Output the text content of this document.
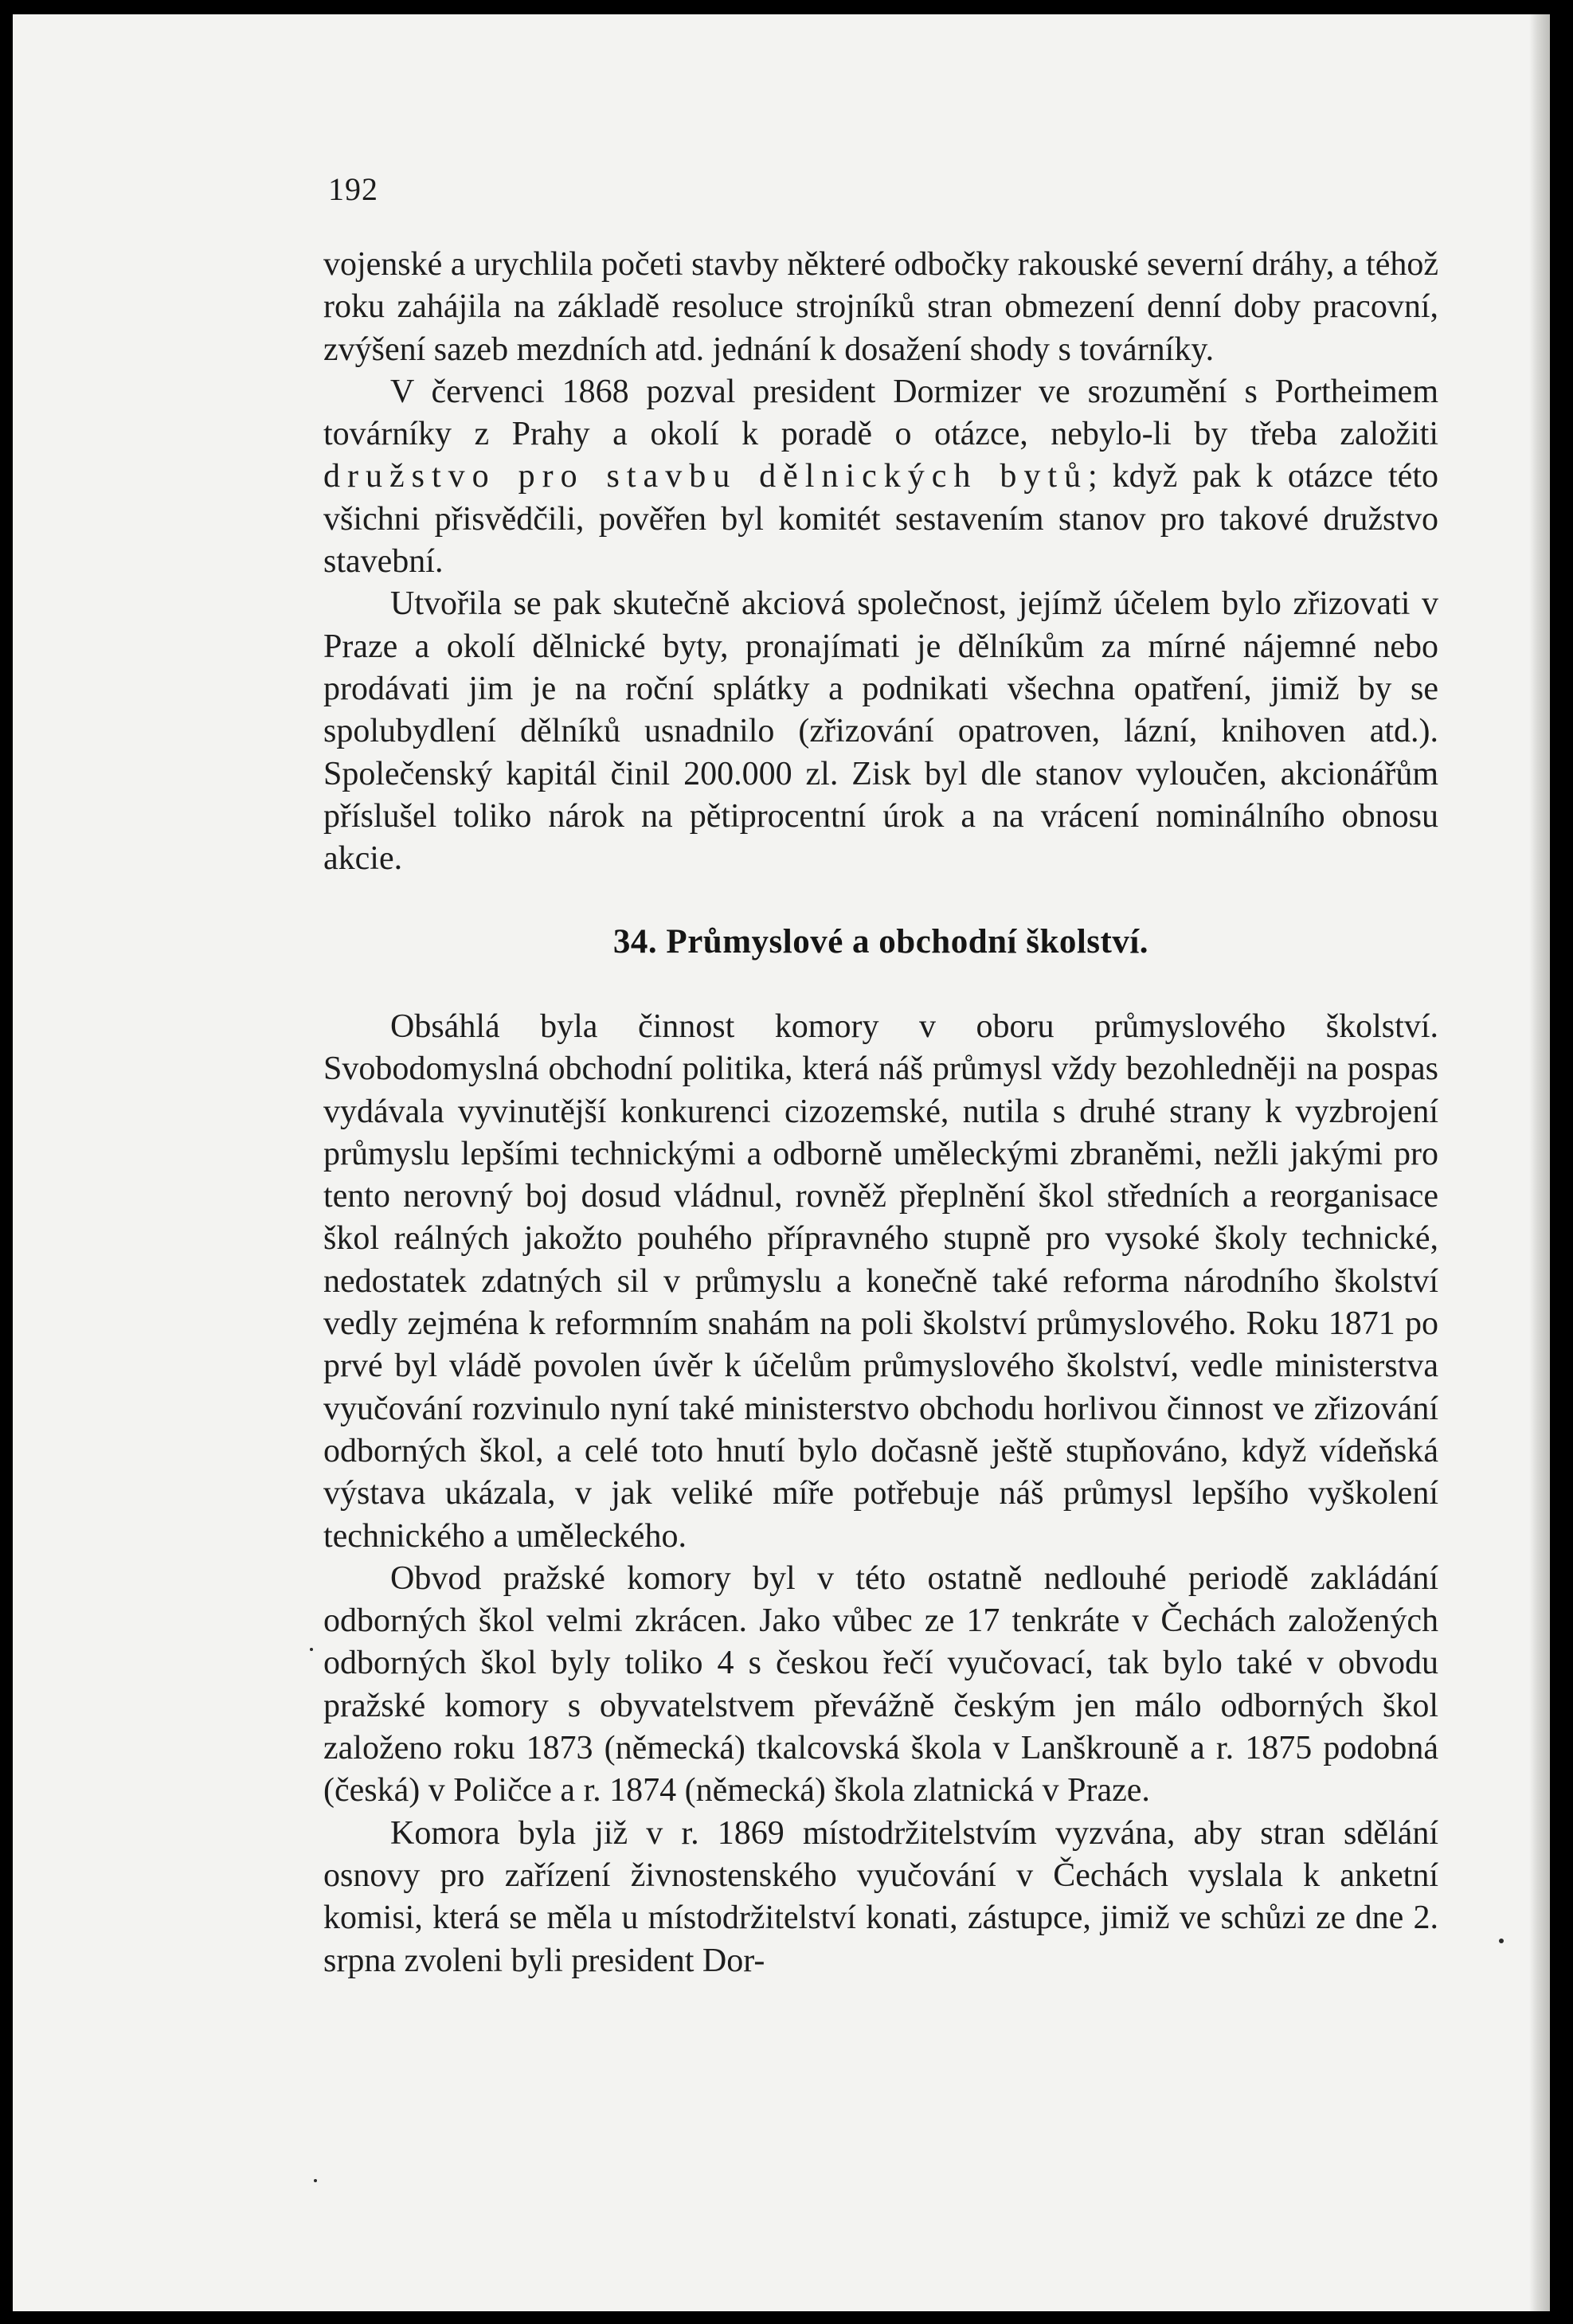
192

vojenské a urychlila početi stavby některé odbočky rakouské severní dráhy, a téhož roku zahájila na základě resoluce strojníků stran obmezení denní doby pracovní, zvýšení sazeb mezdních atd. jednání k dosažení shody s továrníky.

V červenci 1868 pozval president Dormizer ve srozumění s Portheimem továrníky z Prahy a okolí k poradě o otázce, nebylo-li by třeba založiti družstvo pro stavbu dělnických bytů; když pak k otázce této všichni přisvědčili, pověřen byl komitét sestavením stanov pro takové družstvo stavební.

Utvořila se pak skutečně akciová společnost, jejímž účelem bylo zřizovati v Praze a okolí dělnické byty, pronajímati je dělníkům za mírné nájemné nebo prodávati jim je na roční splátky a podnikati všechna opatření, jimiž by se spolubydlení dělníků usnadnilo (zřizování opatroven, lázní, knihoven atd.). Společenský kapitál činil 200.000 zl. Zisk byl dle stanov vyloučen, akcionářům příslušel toliko nárok na pětiprocentní úrok a na vrácení nominálního obnosu akcie.

34. Průmyslové a obchodní školství.

Obsáhlá byla činnost komory v oboru průmyslového školství. Svobodomyslná obchodní politika, která náš průmysl vždy bezohledněji na pospas vydávala vyvinutější konkurenci cizozemské, nutila s druhé strany k vyzbrojení průmyslu lepšími technickými a odborně uměleckými zbraněmi, nežli jakými pro tento nerovný boj dosud vládnul, rovněž přeplnění škol středních a reorganisace škol reálných jakožto pouhého přípravného stupně pro vysoké školy technické, nedostatek zdatných sil v průmyslu a konečně také reforma národního školství vedly zejména k reformním snahám na poli školství průmyslového. Roku 1871 po prvé byl vládě povolen úvěr k účelům průmyslového školství, vedle ministerstva vyučování rozvinulo nyní také ministerstvo obchodu horlivou činnost ve zřizování odborných škol, a celé toto hnutí bylo dočasně ještě stupňováno, když vídeňská výstava ukázala, v jak veliké míře potřebuje náš průmysl lepšího vyškolení technického a uměleckého.

Obvod pražské komory byl v této ostatně nedlouhé periodě zakládání odborných škol velmi zkrácen. Jako vůbec ze 17 tenkráte v Čechách založených odborných škol byly toliko 4 s českou řečí vyučovací, tak bylo také v obvodu pražské komory s obyvatelstvem převážně českým jen málo odborných škol založeno roku 1873 (německá) tkalcovská škola v Lanškrouně a r. 1875 podobná (česká) v Poličce a r. 1874 (německá) škola zlatnická v Praze.

Komora byla již v r. 1869 místodržitelstvím vyzvána, aby stran sdělání osnovy pro zařízení živnostenského vyučování v Čechách vyslala k anketní komisi, která se měla u místodržitelství konati, zástupce, jimiž ve schůzi ze dne 2. srpna zvoleni byli president Dor-
